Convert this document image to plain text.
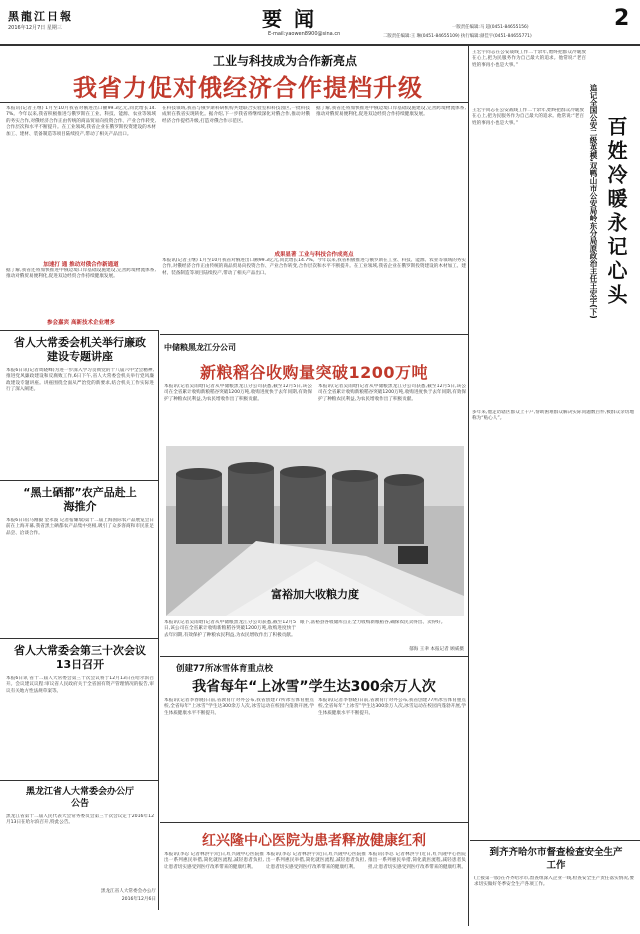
黑龍江日報
2016年12月7日 星期三	要闻
E-mail:yaowen8900@sina.cn
一版责任编辑:马 超(0451-84655156)
二版责任编辑:王 琳(0451-84655109) 执行编辑:颜佳宇(0451-84655771)
2
工业与科技成为合作新亮点
我省力促对俄经济合作提档升级
本报讯(记者王继) 1月至10月我省对俄进出口额99.3亿元,同比增长14.7%。今年以来,我省积极推进与俄罗斯在工业、科技、能源、农业等领域的务实合作,对俄经济合作正由传统的商品贸易向投资合作、产业合作转变,合作层次和水平不断提升。在工业领域,我省企业在俄罗斯投资建设的木材加工、建材、装备制造等项目陆续投产,带动了相关产品出口。
加速打 通 推动对俄合作新通道
据了解,我省还将加快推进中俄边境口岸基础设施建设,完善跨境物流体系,推动对俄贸易便利化,促进双边经贸合作持续健康发展。
参会嘉宾 高新技术企业增多
在科技领域,我省与俄罗斯科研机构共建联合实验室和科技园区,一批科技成果在我省实现转化。据介绍,下一步我省将继续深化对俄合作,推动对俄经济合作提档升级,打造对俄合作示范区。
据了解,我省还将加快推进中俄边境口岸基础设施建设,完善跨境物流体系,推动对俄贸易便利化,促进双边经贸合作持续健康发展。
成果显著 工业与科技合作成亮点
本报讯(记者王继) 1月至10月我省对俄进出口额99.3亿元,同比增长14.7%。今年以来,我省积极推进与俄罗斯在工业、科技、能源、农业等领域的务实合作,对俄经济合作正由传统的商品贸易向投资合作、产业合作转变,合作层次和水平不断提升。在工业领域,我省企业在俄罗斯投资建设的木材加工、建材、装备制造等项目陆续投产,带动了相关产品出口。
省人大常委会机关举行廉政建设专题讲座
本报6日讯(记者周晓峰)为进一步深入学习贯彻党的十八届六中全会精神,推进党风廉政建设和反腐败工作,6日下午,省人大常委会机关举行党风廉政建设专题讲座。讲座围绕全面从严治党的新要求,结合机关工作实际进行了深入阐述。
“黑土硒都”农产品赴上海推介
本报6日讯(马刚毅 金永波 记者宿耀瑞)第十二届上海国际农产品展览会日前在上海开幕,我省黑土硒都农产品集中亮相,吸引了众多客商和市民驻足品尝、洽谈合作。
省人大常委会第三十次会议13日召开
本报6日讯 省十二届人大常委会第三十次会议将于12月13日在哈尔滨召开。会议建议议程:审议省人民政府关于全省国有资产管理情况的报告,审议有关地方性法规草案等。
黑龙江省人大常委会办公厅公告
黑龙江省第十二届人民代表大会常务委员会第三十次会议定于2016年12月13日在哈尔滨召开,特此公告。
黑龙江省人大常委会办公厅
2016年12月6日
中储粮黑龙江分公司
新粮稻谷收购量突破1200万吨
本报讯(记者吴雨晗)记者从中储粮黑龙江分公司获悉,截至12月5日,该公司在全省累计收购新粮稻谷突破1200万吨,收购进度快于去年同期,有效保护了种粮农民利益,为农民增收作出了积极贡献。
本报讯(记者吴雨晗)记者从中储粮黑龙江分公司获悉,截至12月5日,该公司在全省累计收购新粮稻谷突破1200万吨,收购进度快于去年同期,有效保护了种粮农民利益,为农民增收作出了积极贡献。
富裕加大收粮力度
眼下,富裕县各收储库点正全力收购新粮稻谷,确保农民卖得出、卖得好。
郁海 王聿 本报记者 顾威摄
本报讯(记者吴雨晗)记者从中储粮黑龙江分公司获悉,截至12月5日,该公司在全省累计收购新粮稻谷突破1200万吨,收购进度快于去年同期,有效保护了种粮农民利益,为农民增收作出了积极贡献。
创建77所冰雪体育重点校
我省每年“上冰雪”学生达300余万人次
本报讯(记者李春晓)日前,省教育厅对外公布,我省创建77所冰雪体育重点校,全省每年“上冰雪”学生达300余万人次,冰雪运动在校园内蓬勃开展,学生体质健康水平不断提升。
本报讯(记者李春晓)日前,省教育厅对外公布,我省创建77所冰雪体育重点校,全省每年“上冰雪”学生达300余万人次,冰雪运动在校园内蓬勃开展,学生体质健康水平不断提升。
红兴隆中心医院为患者释放健康红利
本报讯(李忍 记者林洪宇)近日,红兴隆中心医院推出一系列惠民举措,简化就医流程,减轻患者负担,让患者切实感受到医疗改革带来的健康红利。
本报讯(李忍 记者林洪宇)近日,红兴隆中心医院推出一系列惠民举措,简化就医流程,减轻患者负担,让患者切实感受到医疗改革带来的健康红利。
本报讯(李忍 记者林洪宇)近日,红兴隆中心医院推出一系列惠民举措,简化就医流程,减轻患者负担,让患者切实感受到医疗改革带来的健康红利。
王宏宇同志在公安战线工作二十余年,始终把群众冷暖放在心上,把为民服务作为自己最大的追求。他常说:“老百姓的事再小也是大事。”
百姓冷暖永记心头
追记全国公安二级英模,双鸭山市公安局岭东分局原政治主任王宏宇(下)
王宏宇同志在公安战线工作二十余年,始终把群众冷暖放在心上,把为民服务作为自己最大的追求。他常说:“老百姓的事再小也是大事。”
多年来,他走访辖区群众上千户,帮助困难群众解决实际问题数百件,被群众亲切地称为“贴心人”。
到齐齐哈尔市督查检查安全生产工作
(上接第一版)在齐齐哈尔市,督查组深入企业一线,检查安全生产责任落实情况,要求切实做好冬季安全生产各项工作。
